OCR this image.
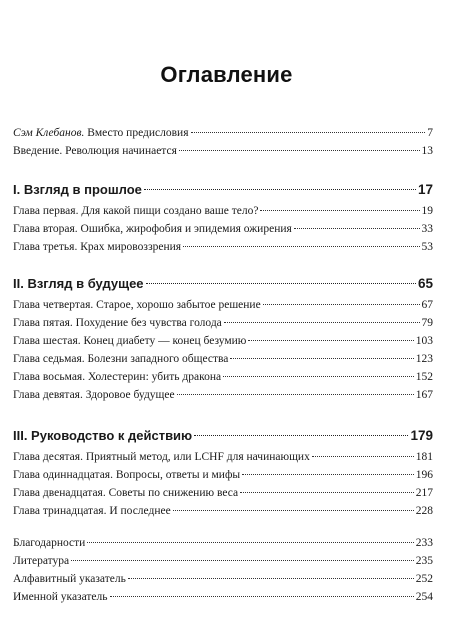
Оглавление
Сэм Клебанов. Вместо предисловия	7
Введение. Революция начинается	13
I. Взгляд в прошлое	17
Глава первая. Для какой пищи создано ваше тело?	19
Глава вторая. Ошибка, жирофобия и эпидемия ожирения	33
Глава третья. Крах мировоззрения	53
II. Взгляд в будущее	65
Глава четвертая. Старое, хорошо забытое решение	67
Глава пятая. Похудение без чувства голода	79
Глава шестая. Конец диабету — конец безумию	103
Глава седьмая. Болезни западного общества	123
Глава восьмая. Холестерин: убить дракона	152
Глава девятая. Здоровое будущее	167
III. Руководство к действию	179
Глава десятая. Приятный метод, или LCHF для начинающих	181
Глава одиннадцатая. Вопросы, ответы и мифы	196
Глава двенадцатая. Советы по снижению веса	217
Глава тринадцатая. И последнее	228
Благодарности	233
Литература	235
Алфавитный указатель	252
Именной указатель	254
